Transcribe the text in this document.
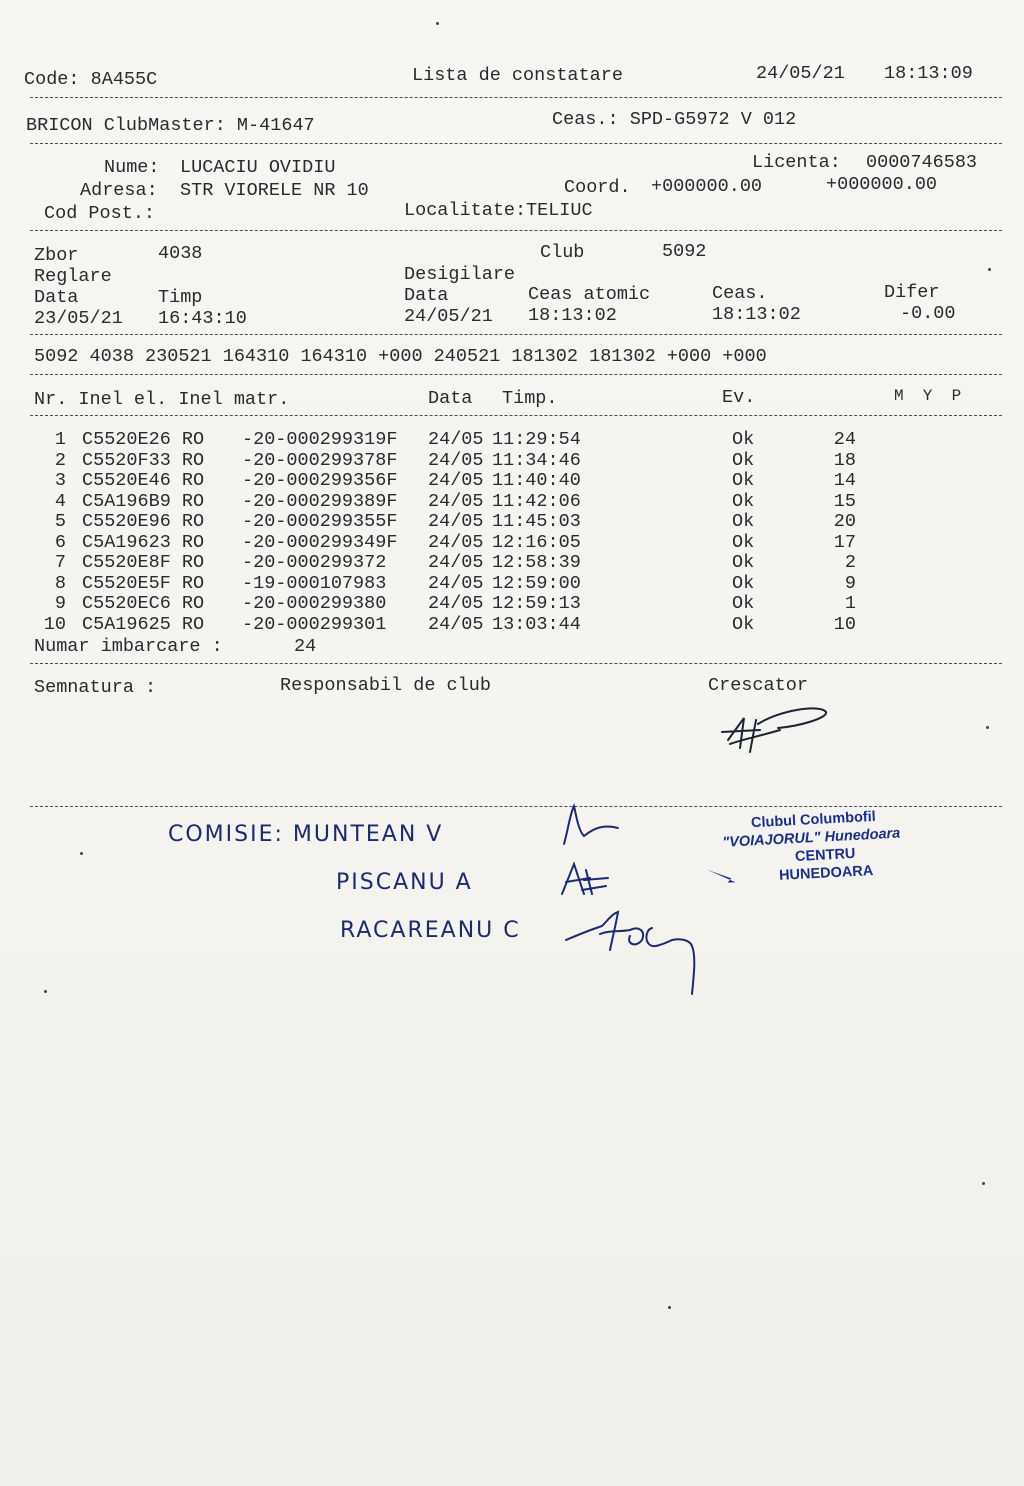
Code: 8A455C	Lista de constatare	24/05/21 18:13:09
BRICON ClubMaster: M-41647	Ceas.: SPD-G5972 V 012
Nume: LUCACIU OVIDIU	Licenta: 0000746583
Adresa: STR VIORELE NR 10	Coord. +000000.00	+000000.00
Cod Post.:	Localitate: TELIUC
Zbor	4038	Club	5092
Reglare	Desigilare
Data	Timp	Data	Ceas atomic	Ceas.	Difer
23/05/21 16:43:10	24/05/21 18:13:02	18:13:02	-0.00
5092 4038 230521 164310 164310 +000 240521 181302 181302 +000 +000
Nr. Inel el. Inel matr.	Data Timp.	Ev.	M  Y  P
1 C5520E26 RO -20-000299319F 24/05 11:29:54	Ok	24
2 C5520F33 RO -20-000299378F 24/05 11:34:46	Ok	18
3 C5520E46 RO -20-000299356F 24/05 11:40:40	Ok	14
4 C5A196B9 RO -20-000299389F 24/05 11:42:06	Ok	15
5 C5520E96 RO -20-000299355F 24/05 11:45:03	Ok	20
6 C5A19623 RO -20-000299349F 24/05 12:16:05	Ok	17
7 C5520E8F RO -20-000299372 24/05 12:58:39	Ok	2
8 C5520E5F RO -19-000107983 24/05 12:59:00	Ok	9
9 C5520EC6 RO -20-000299380 24/05 12:59:13	Ok	1
10 C5A19625 RO -20-000299301 24/05 13:03:44	Ok	10
Numar imbarcare :	24
Semnatura :	Responsabil de club	Crescator
COMISIE: MUNTEAN V
PISCANU A
RACAREANU C
Clubul Columbofil
"VOIAJORUL" Hunedoara
CENTRU
HUNEDOARA
